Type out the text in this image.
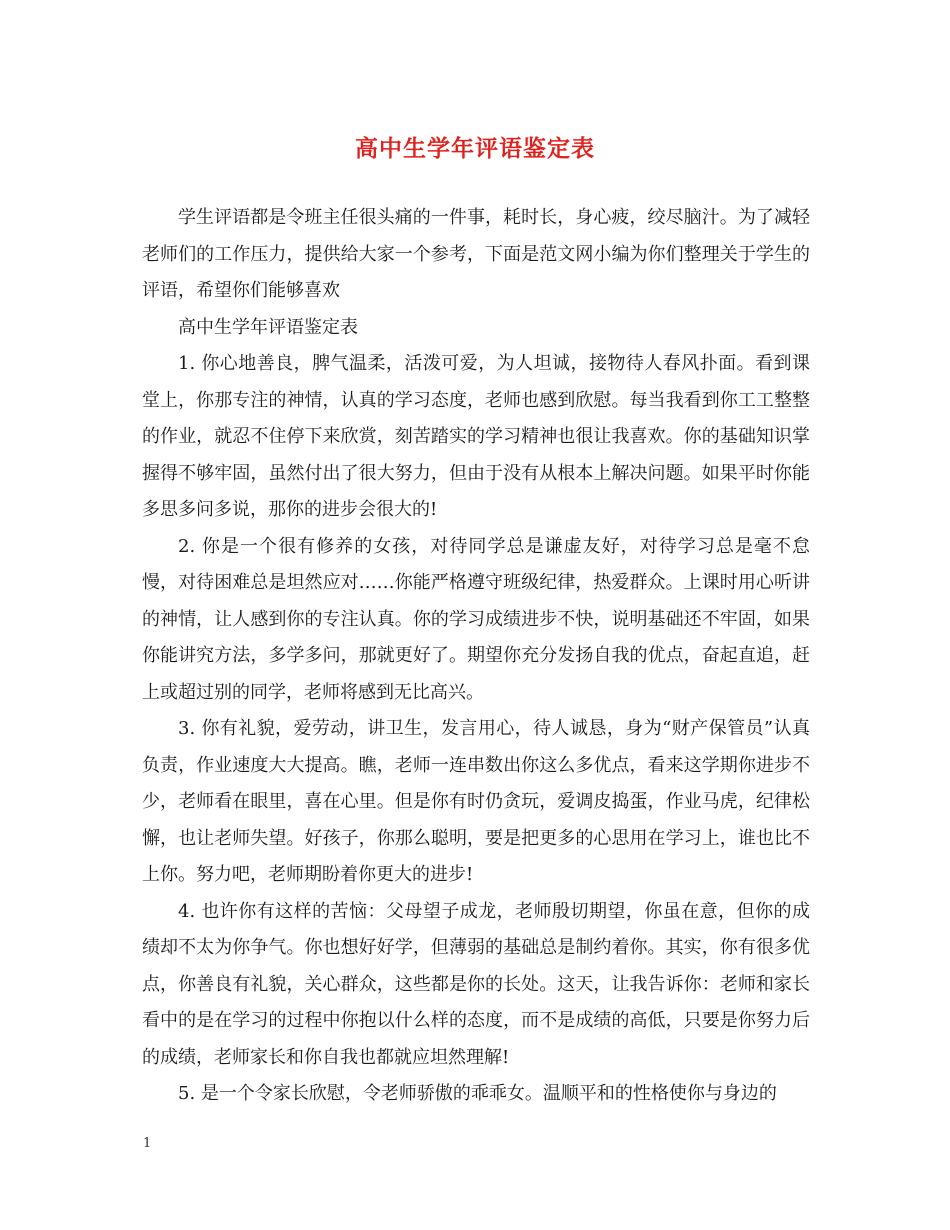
高中生学年评语鉴定表

学生评语都是令班主任很头痛的一件事，耗时长，身心疲，绞尽脑汁。为了减轻老师们的工作压力，提供给大家一个参考，下面是范文网小编为你们整理关于学生的评语，希望你们能够喜欢

高中生学年评语鉴定表

1. 你心地善良，脾气温柔，活泼可爱，为人坦诚，接物待人春风扑面。看到课堂上，你那专注的神情，认真的学习态度，老师也感到欣慰。每当我看到你工工整整的作业，就忍不住停下来欣赏，刻苦踏实的学习精神也很让我喜欢。你的基础知识掌握得不够牢固，虽然付出了很大努力，但由于没有从根本上解决问题。如果平时你能多思多问多说，那你的进步会很大的!

2. 你是一个很有修养的女孩，对待同学总是谦虚友好，对待学习总是毫不怠慢，对待困难总是坦然应对……你能严格遵守班级纪律，热爱群众。上课时用心听讲的神情，让人感到你的专注认真。你的学习成绩进步不快，说明基础还不牢固，如果你能讲究方法，多学多问，那就更好了。期望你充分发扬自我的优点，奋起直追，赶上或超过别的同学，老师将感到无比高兴。

3. 你有礼貌，爱劳动，讲卫生，发言用心，待人诚恳，身为“财产保管员”认真负责，作业速度大大提高。瞧，老师一连串数出你这么多优点，看来这学期你进步不少，老师看在眼里，喜在心里。但是你有时仍贪玩，爱调皮捣蛋，作业马虎，纪律松懈，也让老师失望。好孩子，你那么聪明，要是把更多的心思用在学习上，谁也比不上你。努力吧，老师期盼着你更大的进步!

4. 也许你有这样的苦恼：父母望子成龙，老师殷切期望，你虽在意，但你的成绩却不太为你争气。你也想好好学，但薄弱的基础总是制约着你。其实，你有很多优点，你善良有礼貌，关心群众，这些都是你的长处。这天，让我告诉你：老师和家长看中的是在学习的过程中你抱以什么样的态度，而不是成绩的高低，只要是你努力后的成绩，老师家长和你自我也都就应坦然理解!

5. 是一个令家长欣慰，令老师骄傲的乖乖女。温顺平和的性格使你与身边的

1
